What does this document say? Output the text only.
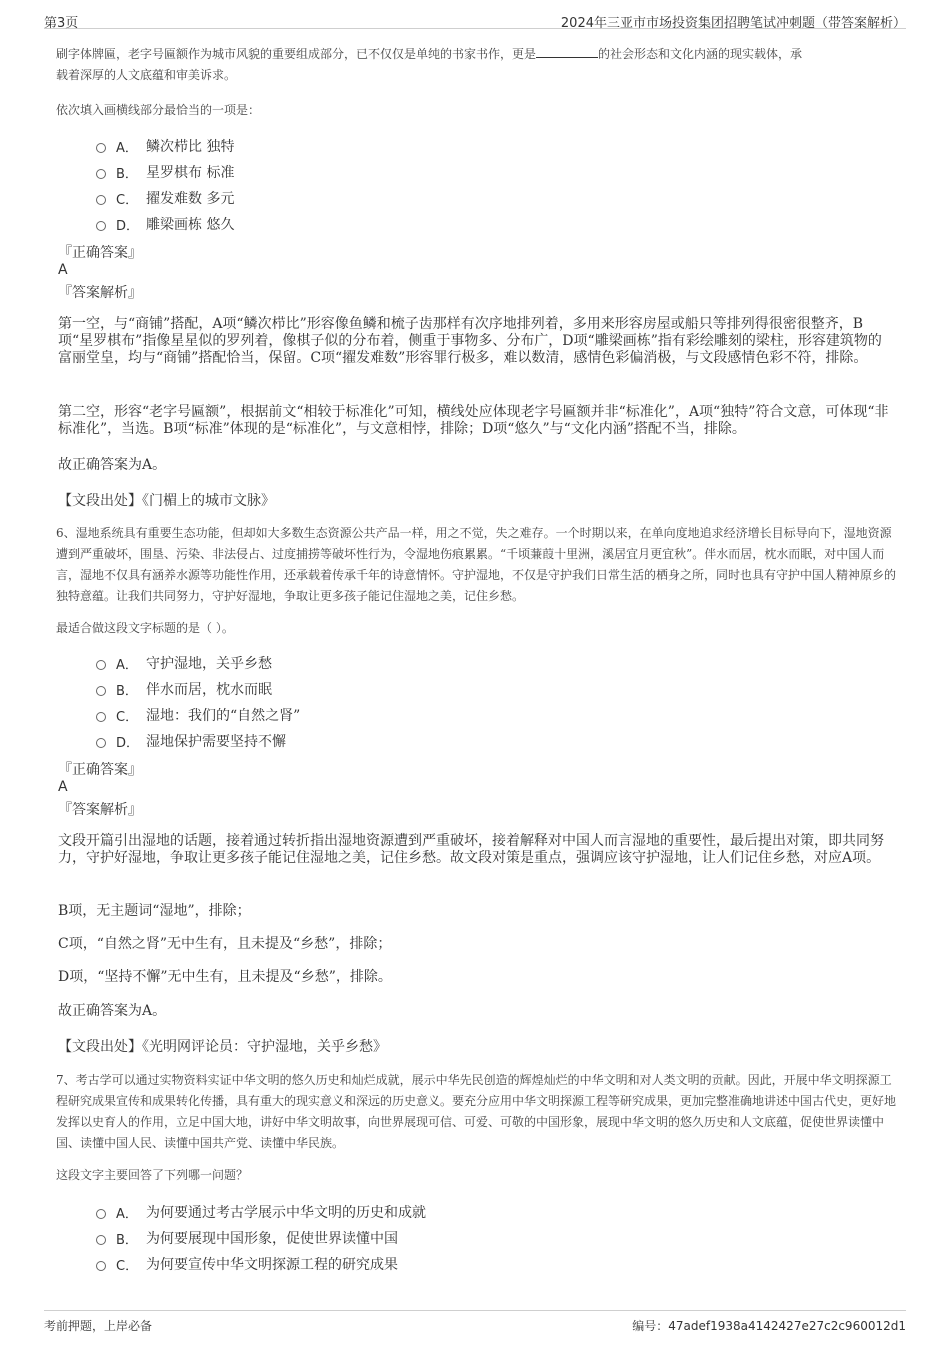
第3页	2024年三亚市市场投资集团招聘笔试冲刺题（带答案解析）
刷字体牌匾，老字号匾额作为城市风貌的重要组成部分，已不仅仅是单纯的书家书作，更是	的社会形态和文化内涵的现实载体，承
载着深厚的人文底蕴和审美诉求。
依次填入画横线部分最恰当的一项是：
A． 鳞次栉比 独特
B． 星罗棋布 标准
C． 擢发难数 多元
D． 雕梁画栋 悠久
『正确答案』
A
『答案解析』
第一空，与“商铺”搭配，A项“鳞次栉比”形容像鱼鳞和梳子齿那样有次序地排列着，多用来形容房屋或船只等排列得很密很整齐，B项“星罗棋布”指像星星似的罗列着，像棋子似的分布着，侧重于事物多、分布广，D项“雕梁画栋”指有彩绘雕刻的梁柱，形容建筑物的富丽堂皇，均与“商铺”搭配恰当，保留。C项“擢发难数”形容罪行极多，难以数清，感情色彩偏消极，与文段感情色彩不符，排除。
第二空，形容“老字号匾额”，根据前文“相较于标准化”可知，横线处应体现老字号匾额并非“标准化”，A项“独特”符合文意，可体现“非标准化”，当选。B项“标准”体现的是“标准化”，与文意相悖，排除；D项“悠久”与“文化内涵”搭配不当，排除。
故正确答案为A。
【文段出处】《门楣上的城市文脉》
6、湿地系统具有重要生态功能，但却如大多数生态资源公共产品一样，用之不觉，失之难存。一个时期以来，在单向度地追求经济增长目标导向下，湿地资源遭到严重破坏，围垦、污染、非法侵占、过度捕捞等破坏性行为，令湿地伤痕累累。“千顷蒹葭十里洲，溪居宜月更宜秋”。伴水而居，枕水而眠，对中国人而言，湿地不仅具有涵养水源等功能性作用，还承载着传承千年的诗意情怀。守护湿地，不仅是守护我们日常生活的栖身之所，同时也具有守护中国人精神原乡的独特意蕴。让我们共同努力，守护好湿地，争取让更多孩子能记住湿地之美，记住乡愁。
最适合做这段文字标题的是（ ）。
A． 守护湿地，关乎乡愁
B． 伴水而居，枕水而眠
C． 湿地：我们的“自然之肾”
D． 湿地保护需要坚持不懈
『正确答案』
A
『答案解析』
文段开篇引出湿地的话题，接着通过转折指出湿地资源遭到严重破坏，接着解释对中国人而言湿地的重要性，最后提出对策，即共同努力，守护好湿地，争取让更多孩子能记住湿地之美，记住乡愁。故文段对策是重点，强调应该守护湿地，让人们记住乡愁，对应A项。
B项，无主题词“湿地”，排除；
C项，“自然之肾”无中生有，且未提及“乡愁”，排除；
D项，“坚持不懈”无中生有，且未提及“乡愁”，排除。
故正确答案为A。
【文段出处】《光明网评论员：守护湿地，关乎乡愁》
7、考古学可以通过实物资料实证中华文明的悠久历史和灿烂成就，展示中华先民创造的辉煌灿烂的中华文明和对人类文明的贡献。因此，开展中华文明探源工程研究成果宣传和成果转化传播，具有重大的现实意义和深远的历史意义。要充分应用中华文明探源工程等研究成果，更加完整准确地讲述中国古代史，更好地发挥以史育人的作用，立足中国大地，讲好中华文明故事，向世界展现可信、可爱、可敬的中国形象，展现中华文明的悠久历史和人文底蕴，促使世界读懂中国、读懂中国人民、读懂中国共产党、读懂中华民族。
这段文字主要回答了下列哪一问题？
A． 为何要通过考古学展示中华文明的历史和成就
B． 为何要展现中国形象，促使世界读懂中国
C． 为何要宣传中华文明探源工程的研究成果
考前押题，上岸必备	编号：47adef1938a4142427e27c2c960012d1
